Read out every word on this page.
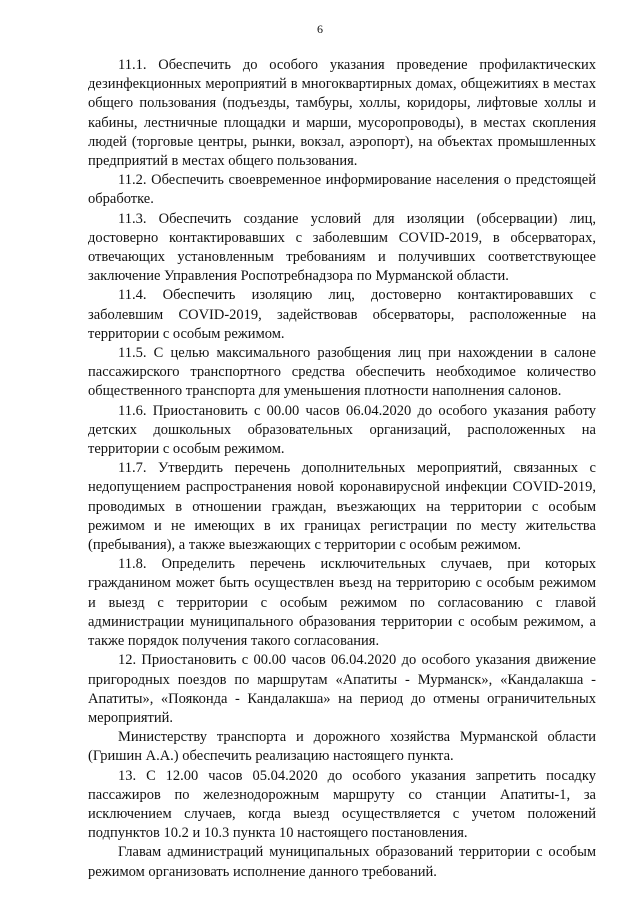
6

11.1. Обеспечить до особого указания проведение профилактических дезинфекционных мероприятий в многоквартирных домах, общежитиях в местах общего пользования (подъезды, тамбуры, холлы, коридоры, лифтовые холлы и кабины, лестничные площадки и марши, мусоропроводы), в местах скопления людей (торговые центры, рынки, вокзал, аэропорт), на объектах промышленных предприятий в местах общего пользования.

11.2. Обеспечить своевременное информирование населения о предстоящей обработке.

11.3. Обеспечить создание условий для изоляции (обсервации) лиц, достоверно контактировавших с заболевшим COVID-2019, в обсерваторах, отвечающих установленным требованиям и получивших соответствующее заключение Управления Роспотребнадзора по Мурманской области.

11.4. Обеспечить изоляцию лиц, достоверно контактировавших с заболевшим COVID-2019, задействовав обсерваторы, расположенные на территории с особым режимом.

11.5. С целью максимального разобщения лиц при нахождении в салоне пассажирского транспортного средства обеспечить необходимое количество общественного транспорта для уменьшения плотности наполнения салонов.

11.6. Приостановить с 00.00 часов 06.04.2020 до особого указания работу детских дошкольных образовательных организаций, расположенных на территории с особым режимом.

11.7. Утвердить перечень дополнительных мероприятий, связанных с недопущением распространения новой коронавирусной инфекции COVID-2019, проводимых в отношении граждан, въезжающих на территории с особым режимом и не имеющих в их границах регистрации по месту жительства (пребывания), а также выезжающих с территории с особым режимом.

11.8. Определить перечень исключительных случаев, при которых гражданином может быть осуществлен въезд на территорию с особым режимом и выезд с территории с особым режимом по согласованию с главой администрации муниципального образования территории с особым режимом, а также порядок получения такого согласования.

12. Приостановить с 00.00 часов 06.04.2020 до особого указания движение пригородных поездов по маршрутам «Апатиты - Мурманск», «Кандалакша - Апатиты», «Пояконда - Кандалакша» на период до отмены ограничительных мероприятий.

Министерству транспорта и дорожного хозяйства Мурманской области (Гришин А.А.) обеспечить реализацию настоящего пункта.

13. С 12.00 часов 05.04.2020 до особого указания запретить посадку пассажиров по железнодорожным маршруту со станции Апатиты-1, за исключением случаев, когда выезд осуществляется с учетом положений подпунктов 10.2 и 10.3 пункта 10 настоящего постановления.

Главам администраций муниципальных образований территории с особым режимом организовать исполнение данного требований.
